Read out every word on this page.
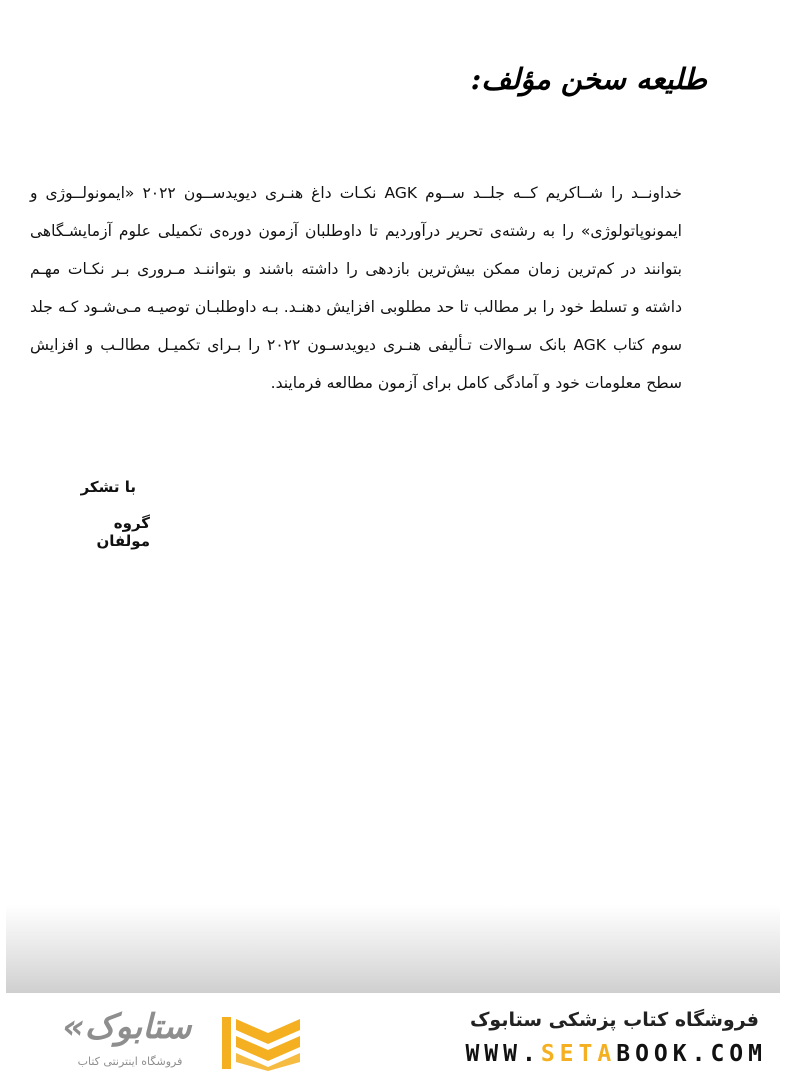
طلیعه سخن مؤلف:

خداونــد را شــاکریم کــه جلــد ســوم AGK نکـات داغ هنـری دیویدســون ۲۰۲۲ «ایمونولــوژی و ایمونوپاتولوژی» را به رشته‌ی تحریر درآوردیم تا داوطلبان آزمون دوره‌ی تکمیلی علوم آزمایشـگاهی بتوانند در کم‌ترین زمان ممکن بیش‌ترین بازدهی را داشته باشند و بتواننـد مـروری بـر نکـات مهـم داشته و تسلط خود را بر مطالب تا حد مطلوبی افزایش دهنـد. بـه داوطلبـان توصیـه مـی‌شـود کـه جلد سوم کتاب AGK بانک سـوالات تـألیفی هنـری دیویدسـون ۲۰۲۲ را بـرای تکمیـل مطالـب و افزایش سطح معلومات خود و آمادگی کامل برای آزمون مطالعه فرمایند.

با تشکر
گروه مولفان
فروشگاه کتاب پزشکی ستابوک
WWW.SETABOOK.COM
«ستابوک
فروشگاه اینترنتی کتاب
